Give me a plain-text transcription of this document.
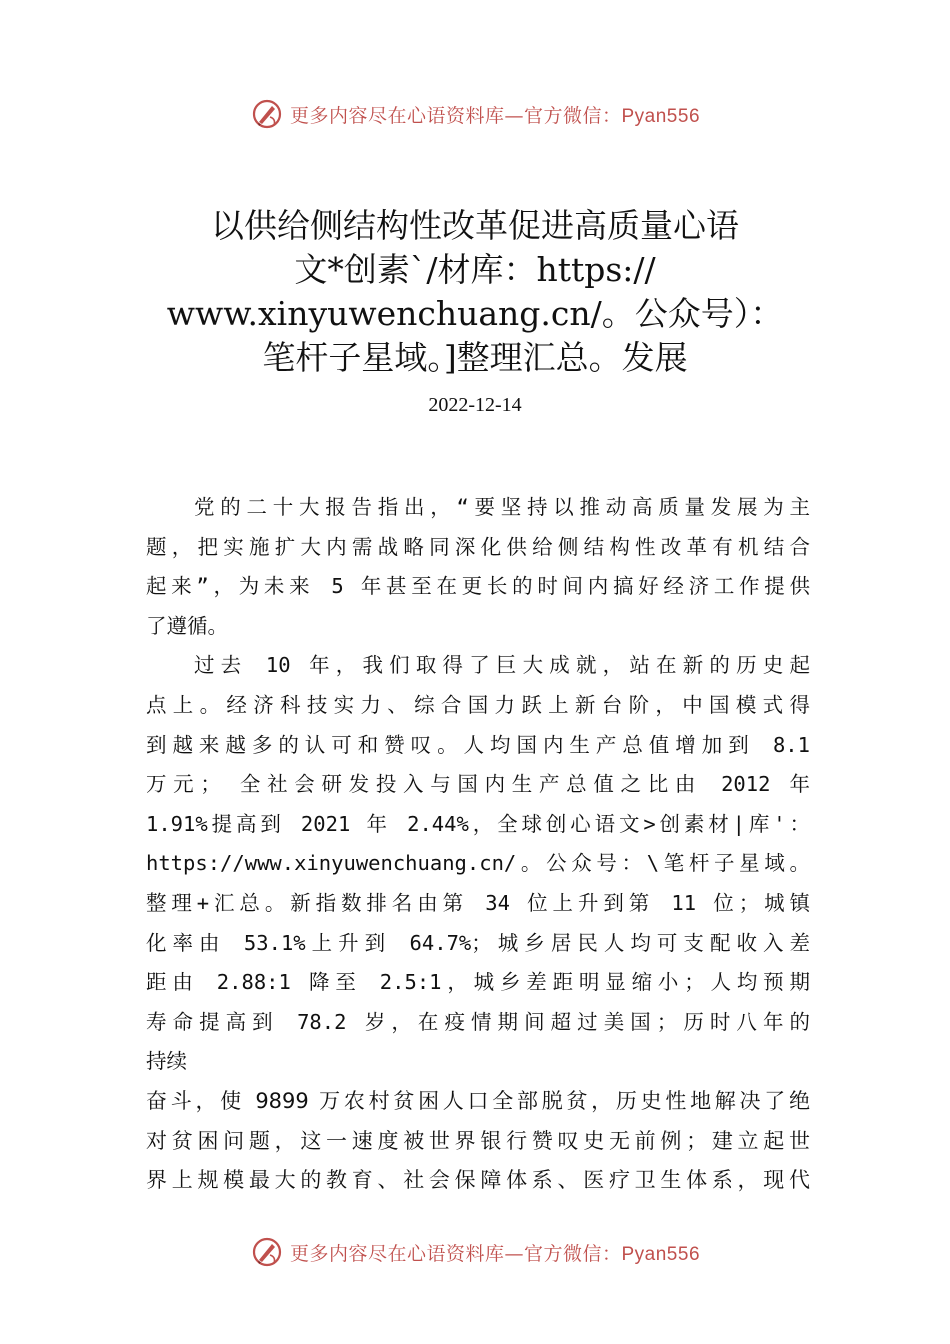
更多内容尽在心语资料库—官方微信：Pyan556
以供给侧结构性改革促进高质量心语
文*创素`/材库：https://
www.xinyuwenchuang.cn/。公众号）：
笔杆子星域。]整理汇总。发展
2022-12-14
党的二十大报告指出，“要坚持以推动高质量发展为主
题，把实施扩大内需战略同深化供给侧结构性改革有机结合
起来”，为未来 5 年甚至在更长的时间内搞好经济工作提供
了遵循。
过去 10 年，我们取得了巨大成就，站在新的历史起
点上。经济科技实力、综合国力跃上新台阶，中国模式得
到越来越多的认可和赞叹。人均国内生产总值增加到 8.1
万元； 全社会研发投入与国内生产总值之比由 2012 年
1.91%提高到 2021 年 2.44%，全球创心语文>创素材|库'：
https://www.xinyuwenchuang.cn/。公众号：\笔杆子星域。
整理+汇总。新指数排名由第 34 位上升到第 11 位；城镇
化率由 53.1%上升到 64.7%；城乡居民人均可支配收入差
距由 2.88:1 降至 2.5:1，城乡差距明显缩小；人均预期
寿命提高到 78.2 岁，在疫情期间超过美国；历时八年的
持续
奋斗，使 9899 万农村贫困人口全部脱贫，历史性地解决了绝
对贫困问题，这一速度被世界银行赞叹史无前例；建立起世
界上规模最大的教育、社会保障体系、医疗卫生体系，现代
更多内容尽在心语资料库—官方微信：Pyan556
